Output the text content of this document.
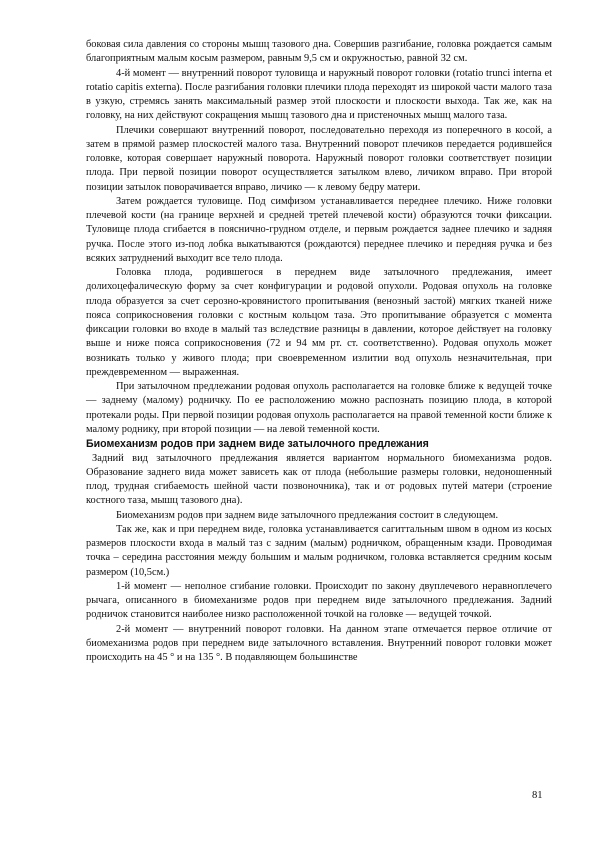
боковая сила давления со стороны мышц тазового дна. Совершив разгибание, головка рождается самым благоприятным малым косым размером, равным 9,5 см и окружностью, равной 32 см.

4-й момент — внутренний поворот туловища и наружный поворот головки (rotatio trunci interna et rotatio capitis externa). После разгибания головки плечики плода переходят из широкой части малого таза в узкую, стремясь занять максимальный размер этой плоскости и плоскости выхода. Так же, как на головку, на них действуют сокращения мышц тазового дна и пристеночных мышц малого таза.

Плечики совершают внутренний поворот, последовательно переходя из поперечного в косой, а затем в прямой размер плоскостей малого таза. Внутренний поворот плечиков передается родившейся головке, которая совершает наружный поворота. Наружный поворот головки соответствует позиции плода. При первой позиции поворот осуществляется затылком влево, личиком вправо. При второй позиции затылок поворачивается вправо, личико — к левому бедру матери.

Затем рождается туловище. Под симфизом устанавливается переднее плечико. Ниже головки плечевой кости (на границе верхней и средней третей плечевой кости) образуются точки фиксации. Туловище плода сгибается в пояснично-грудном отделе, и первым рождается заднее плечико и задняя ручка. После этого из-под лобка выкатываются (рождаются) переднее плечико и передняя ручка и без всяких затруднений выходит все тело плода.

Головка плода, родившегося в переднем виде затылочного предлежания, имеет долихоцефалическую форму за счет конфигурации и родовой опухоли. Родовая опухоль на головке плода образуется за счет серозно-кровянистого пропитывания (венозный застой) мягких тканей ниже пояса соприкосновения головки с костным кольцом таза. Это пропитывание образуется с момента фиксации головки во входе в малый таз вследствие разницы в давлении, которое действует на головку выше и ниже пояса соприкосновения (72 и 94 мм рт. ст. соответственно). Родовая опухоль может возникать только у живого плода; при своевременном излитии вод опухоль незначительная, при преждевременном — выраженная.

При затылочном предлежании родовая опухоль располагается на головке ближе к ведущей точке — заднему (малому) родничку. По ее расположению можно распознать позицию плода, в которой протекали роды. При первой позиции родовая опухоль располагается на правой теменной кости ближе к малому роднику, при второй позиции — на левой теменной кости.

Биомеханизм родов при заднем виде затылочного предлежания

Задний вид затылочного предлежания является вариантом нормального биомеханизма родов. Образование заднего вида может зависеть как от плода (небольшие размеры головки, недоношенный плод, трудная сгибаемость шейной части позвоночника), так и от родовых путей матери (строение костного таза, мышц тазового дна).

Биомеханизм родов при заднем виде затылочного предлежания состоит в следующем.

Так же, как и при переднем виде, головка устанавливается сагиттальным швом в одном из косых размеров плоскости входа в малый таз с задним (малым) родничком, обращенным кзади. Проводимая точка – середина расстояния между большим и малым родничком, головка вставляется средним косым размером (10,5см.)

1-й момент — неполное сгибание головки. Происходит по закону двуплечевого неравноплечего рычага, описанного в биомеханизме родов при переднем виде затылочного предлежания. Задний родничок становится наиболее низко расположенной точкой на головке — ведущей точкой.

2-й момент — внутренний поворот головки. На данном этапе отмечается первое отличие от биомеханизма родов при переднем виде затылочного вставления. Внутренний поворот головки может происходить на 45 ° и на 135 °. В подавляющем большинстве

81
